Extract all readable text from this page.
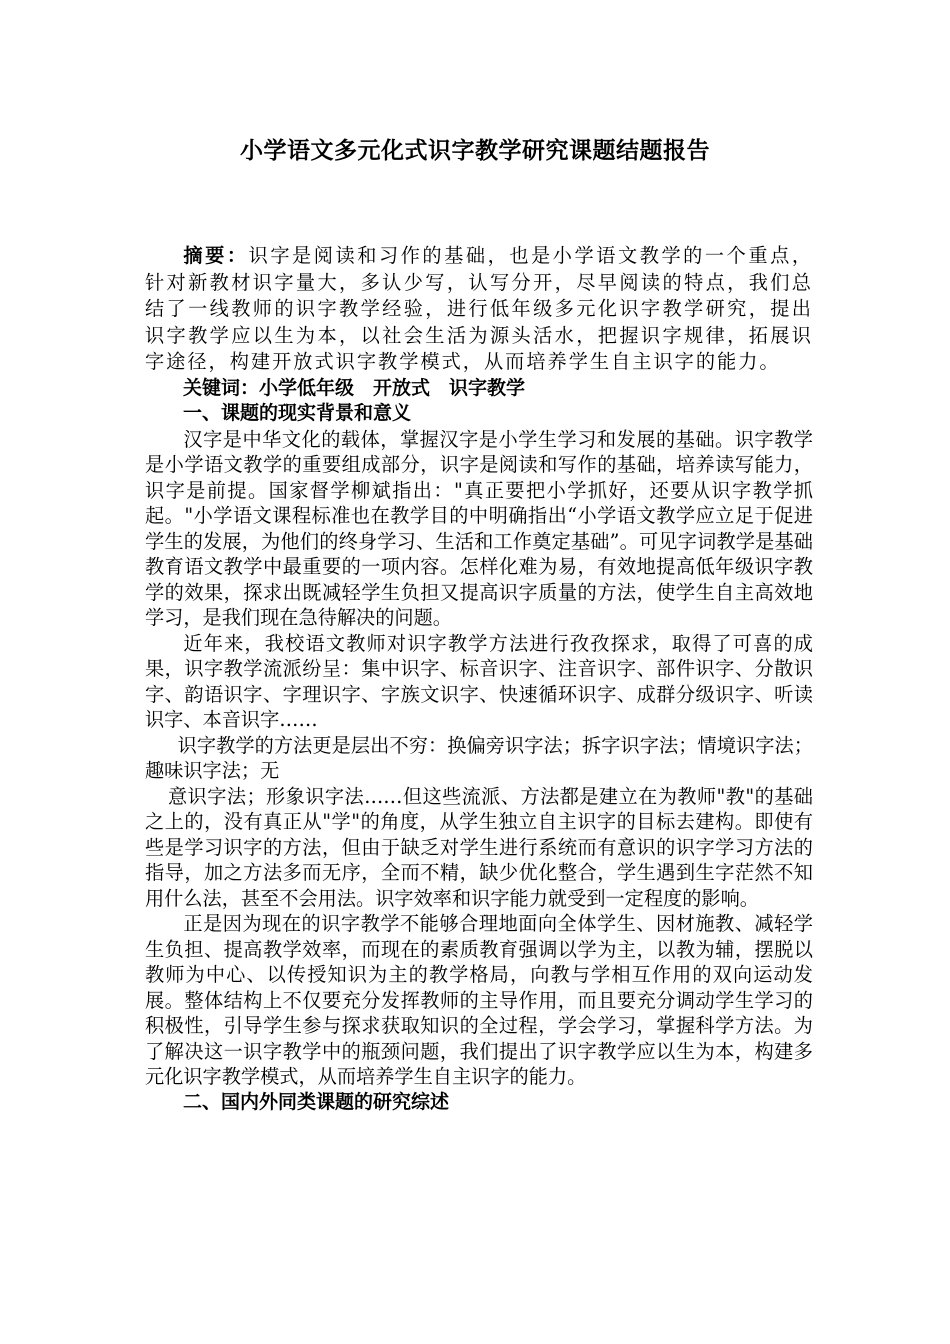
小学语文多元化式识字教学研究课题结题报告

摘要：识字是阅读和习作的基础，也是小学语文教学的一个重点，针对新教材识字量大，多认少写，认写分开，尽早阅读的特点，我们总结了一线教师的识字教学经验，进行低年级多元化识字教学研究，提出识字教学应以生为本，以社会生活为源头活水，把握识字规律，拓展识字途径，构建开放式识字教学模式，从而培养学生自主识字的能力。

关键词：小学低年级 开放式 识字教学

一、课题的现实背景和意义

汉字是中华文化的载体，掌握汉字是小学生学习和发展的基础。识字教学是小学语文教学的重要组成部分，识字是阅读和写作的基础，培养读写能力，识字是前提。国家督学柳斌指出："真正要把小学抓好，还要从识字教学抓起。"小学语文课程标准也在教学目的中明确指出“小学语文教学应立足于促进学生的发展，为他们的终身学习、生活和工作奠定基础”。可见字词教学是基础教育语文教学中最重要的一项内容。怎样化难为易，有效地提高低年级识字教学的效果，探求出既减轻学生负担又提高识字质量的方法，使学生自主高效地学习，是我们现在急待解决的问题。

近年来，我校语文教师对识字教学方法进行孜孜探求，取得了可喜的成果，识字教学流派纷呈：集中识字、标音识字、注音识字、部件识字、分散识字、韵语识字、字理识字、字族文识字、快速循环识字、成群分级识字、听读识字、本音识字……

识字教学的方法更是层出不穷：换偏旁识字法；拆字识字法；情境识字法；趣味识字法；无

意识字法；形象识字法……但这些流派、方法都是建立在为教师"教"的基础之上的，没有真正从"学"的角度，从学生独立自主识字的目标去建构。即使有些是学习识字的方法，但由于缺乏对学生进行系统而有意识的识字学习方法的指导，加之方法多而无序，全而不精，缺少优化整合，学生遇到生字茫然不知用什么法，甚至不会用法。识字效率和识字能力就受到一定程度的影响。

正是因为现在的识字教学不能够合理地面向全体学生、因材施教、减轻学生负担、提高教学效率，而现在的素质教育强调以学为主，以教为辅，摆脱以教师为中心、以传授知识为主的教学格局，向教与学相互作用的双向运动发展。整体结构上不仅要充分发挥教师的主导作用，而且要充分调动学生学习的积极性，引导学生参与探求获取知识的全过程，学会学习，掌握科学方法。为了解决这一识字教学中的瓶颈问题，我们提出了识字教学应以生为本，构建多元化识字教学模式，从而培养学生自主识字的能力。

二、国内外同类课题的研究综述
